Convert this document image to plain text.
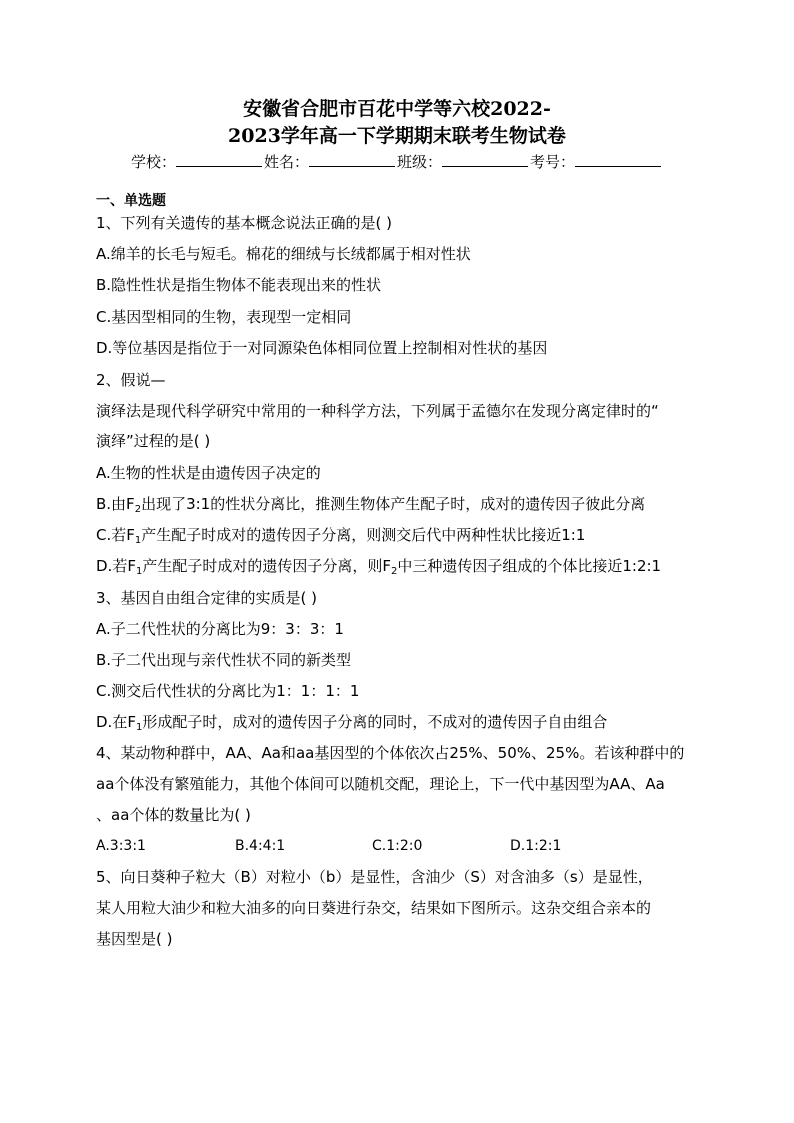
安徽省合肥市百花中学等六校2022-
2023学年高一下学期期末联考生物试卷
学校：	姓名：	班级：	考号：
一、单选题
1、下列有关遗传的基本概念说法正确的是( )
A.绵羊的长毛与短毛。棉花的细绒与长绒都属于相对性状
B.隐性性状是指生物体不能表现出来的性状
C.基因型相同的生物，表现型一定相同
D.等位基因是指位于一对同源染色体相同位置上控制相对性状的基因
2、假说—
演绎法是现代科学研究中常用的一种科学方法，下列属于孟德尔在发现分离定律时的“
演绎”过程的是( )
A.生物的性状是由遗传因子决定的
B.由$F_2$出现了3:1的性状分离比，推测生物体产生配子时，成对的遗传因子彼此分离
C.若$F_1$产生配子时成对的遗传因子分离，则测交后代中两种性状比接近1:1
D.若$F_1$产生配子时成对的遗传因子分离，则$F_2$中三种遗传因子组成的个体比接近1:2:1
3、基因自由组合定律的实质是( )
A.子二代性状的分离比为9：3：3：1
B.子二代出现与亲代性状不同的新类型
C.测交后代性状的分离比为1：1：1：1
D.在$F_1$形成配子时，成对的遗传因子分离的同时，不成对的遗传因子自由组合
4、某动物种群中，AA、Aa和aa基因型的个体依次占25%、50%、25%。若该种群中的
aa个体没有繁殖能力，其他个体间可以随机交配，理论上，下一代中基因型为AA、Aa
、aa个体的数量比为( )
A.3:3:1	B.4:4:1	C.1:2:0	D.1:2:1
5、向日葵种子粒大（B）对粒小（b）是显性，含油少（S）对含油多（s）是显性，
某人用粒大油少和粒大油多的向日葵进行杂交，结果如下图所示。这杂交组合亲本的
基因型是( )
